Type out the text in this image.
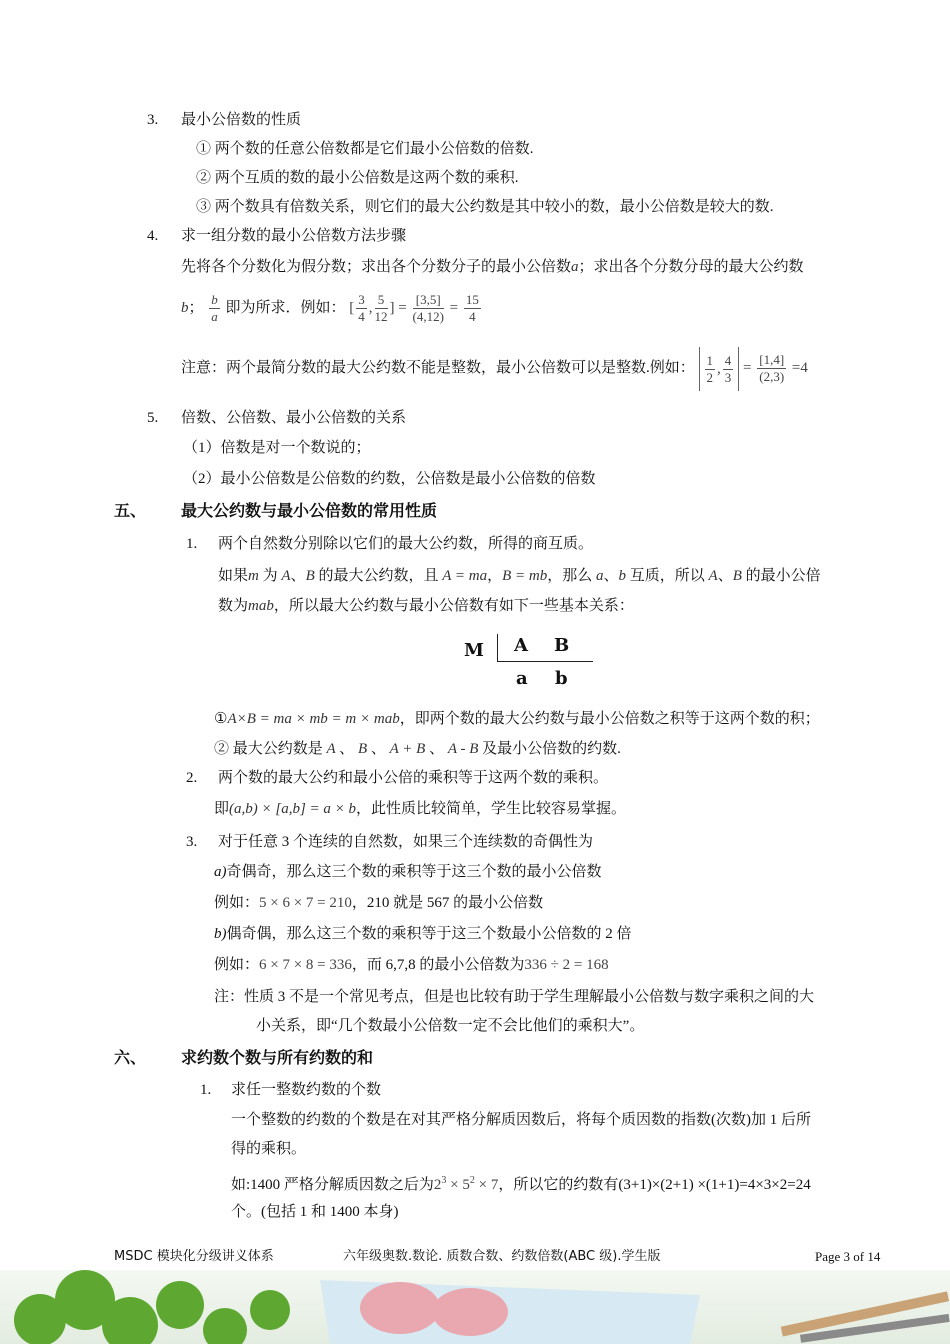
3. 最小公倍数的性质
① 两个数的任意公倍数都是它们最小公倍数的倍数.
② 两个互质的数的最小公倍数是这两个数的乘积.
③ 两个数具有倍数关系，则它们的最大公约数是其中较小的数，最小公倍数是较大的数.
4. 求一组分数的最小公倍数方法步骤
先将各个分数化为假分数；求出各个分数分子的最小公倍数a；求出各个分数分母的最大公约数
b； $\frac{b}{a}$ 即为所求．例如： [ $\frac{3}{4}$ , $\frac{5}{12}$ ] = $\frac{[3,5]}{(4,12)} = \frac{15}{4}$
注意：两个最简分数的最大公约数不能是整数，最小公倍数可以是整数.例如： $\frac{1}{2}$ , $\frac{4}{3} = \frac{[1,4]}{(2,3)} =4$
5. 倍数、公倍数、最小公倍数的关系
（1）倍数是对一个数说的；
（2）最小公倍数是公倍数的约数，公倍数是最小公倍数的倍数
五、 最大公约数与最小公倍数的常用性质
1. 两个自然数分别除以它们的最大公约数，所得的商互质。
如果m 为 A、B 的最大公约数，且 A = ma，B = mb，那么 a、b 互质，所以 A、B 的最小公倍
数为mab，所以最大公约数与最小公倍数有如下一些基本关系：
M A B
a b
①A×B = ma × mb = m × mab，即两个数的最大公约数与最小公倍数之积等于这两个数的积；
② 最大公约数是 A 、 B 、 A + B 、 A - B 及最小公倍数的约数.
2. 两个数的最大公约和最小公倍的乘积等于这两个数的乘积。
即(a,b) × [a,b] = a × b，此性质比较简单，学生比较容易掌握。
3. 对于任意 3 个连续的自然数，如果三个连续数的奇偶性为
a)奇偶奇，那么这三个数的乘积等于这三个数的最小公倍数
例如：5 × 6 × 7 = 210，210 就是 567 的最小公倍数
b)偶奇偶，那么这三个数的乘积等于这三个数最小公倍数的 2 倍
例如：6 × 7 × 8 = 336，而 6,7,8 的最小公倍数为336 ÷ 2 = 168
注：性质 3 不是一个常见考点，但是也比较有助于学生理解最小公倍数与数字乘积之间的大
小关系，即“几个数最小公倍数一定不会比他们的乘积大”。
六、 求约数个数与所有约数的和
1. 求任一整数约数的个数
一个整数的约数的个数是在对其严格分解质因数后，将每个质因数的指数(次数)加 1 后所
得的乘积。
如:1400 严格分解质因数之后为$2^3 \times 5^2 \times 7$，所以它的约数有(3+1)×(2+1) ×(1+1)=4×3×2=24
个。(包括 1 和 1400 本身)
MSDC 模块化分级讲义体系	六年级奥数.数论. 质数合数、约数倍数(ABC 级).学生版	Page 3 of 14
